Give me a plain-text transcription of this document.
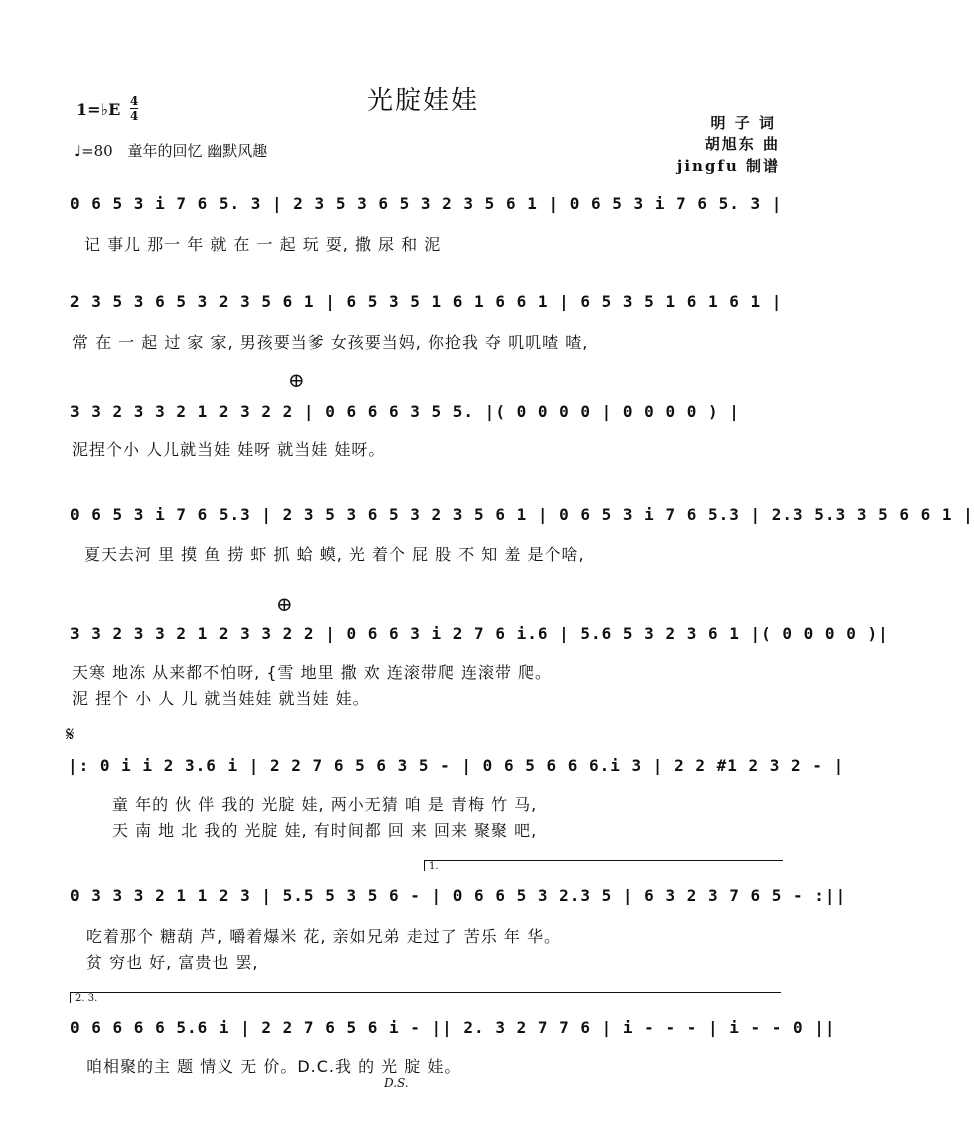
光腚娃娃
1=♭E 4
4
♩=80 童年的回忆 幽默风趣
明 子 词
胡旭东 曲
jingfu 制谱
0 6 5 3 i 7 6 5. 3 | 2 3 5 3 6 5 3 2 3 5 6 1 | 0 6 5 3 i 7 6 5. 3 |
记 事儿 那一 年 就 在 一 起 玩 耍, 撒 尿 和 泥
2 3 5 3 6 5 3 2 3 5 6 1 | 6 5 3 5 1 6 1 6 6 1 | 6 5 3 5 1 6 1 6 1 |
常 在 一 起 过 家 家, 男孩要当爹 女孩要当妈, 你抢我 夺 叽叽喳 喳,
⊕
3 3 2 3 3 2 1 2 3 2 2 | 0 6 6 6 3 5 5. |( 0 0 0 0 | 0 0 0 0 ) |
泥捏个小 人儿就当娃 娃呀 就当娃 娃呀。
0 6 5 3 i 7 6 5.3 | 2 3 5 3 6 5 3 2 3 5 6 1 | 0 6 5 3 i 7 6 5.3 | 2.3 5.3 3 5 6 6 1 |
夏天去河 里 摸 鱼 捞 虾 抓 蛤 蟆, 光 着个 屁 股 不 知 羞 是个啥,
⊕
3 3 2 3 3 2 1 2 3 3 2 2 | 0 6 6 3 i 2 7 6 i.6 | 5.6 5 3 2 3 6 1 |( 0 0 0 0 )|
天寒 地冻 从来都不怕呀, {雪 地里 撒 欢 连滚带爬 连滚带 爬。
泥 捏个 小 人 儿 就当娃娃 就当娃 娃。
𝄋
|: 0 i i 2 3.6 i | 2 2 7 6 5 6 3 5 - | 0 6 5 6 6 6.i 3 | 2 2 #1 2 3 2 - |
童 年的 伙 伴 我的 光腚 娃, 两小无猜 咱 是 青梅 竹 马,
天 南 地 北 我的 光腚 娃, 有时间都 回 来 回来 聚聚 吧,
1.
0 3 3 3 2 1 1 2 3 | 5.5 5 3 5 6 - | 0 6 6 5 3 2.3 5 | 6 3 2 3 7 6 5 - :||
吃着那个 糖葫 芦, 嚼着爆米 花, 亲如兄弟 走过了 苦乐 年 华。
贫 穷也 好, 富贵也 罢,
2. 3.
0 6 6 6 6 5.6 i | 2 2 7 6 5 6 i - || 2. 3 2 7 7 6 | i - - - | i - - 0 ||
咱相聚的主 题 情义 无 价。D.C.我 的 光 腚 娃。
D.S.
